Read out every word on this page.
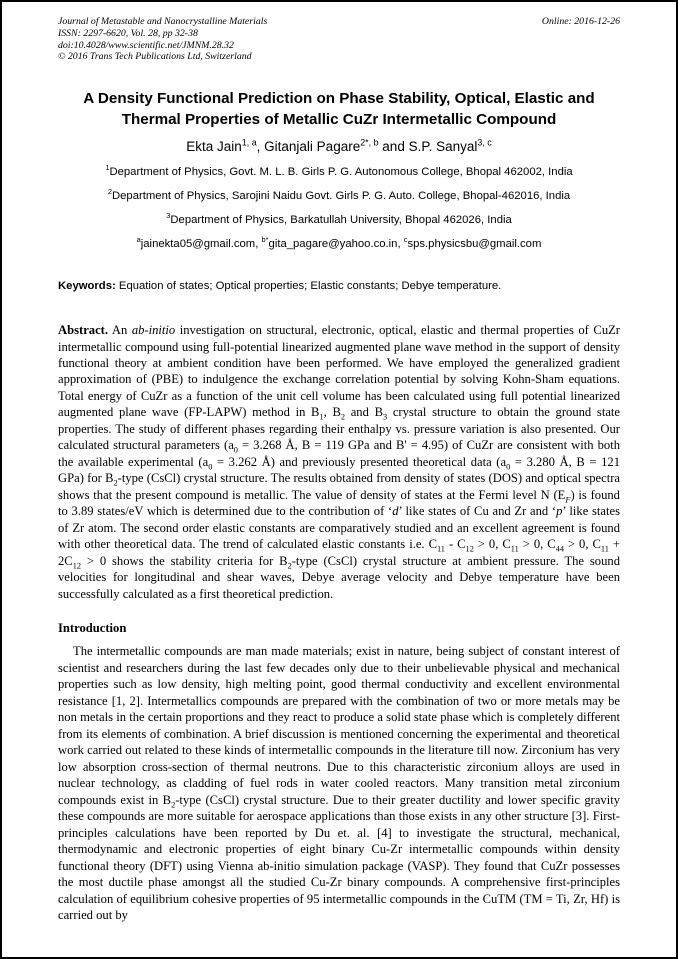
Journal of Metastable and Nanocrystalline Materials	Online: 2016-12-26
ISSN: 2297-6620, Vol. 28, pp 32-38
doi:10.4028/www.scientific.net/JMNM.28.32
© 2016 Trans Tech Publications Ltd, Switzerland
A Density Functional Prediction on Phase Stability, Optical, Elastic and Thermal Properties of Metallic CuZr Intermetallic Compound
Ekta Jain$^{1, a}$, Gitanjali Pagare$^{2*, b}$ and S.P. Sanyal$^{3, c}$
$^1$Department of Physics, Govt. M. L. B. Girls P. G. Autonomous College, Bhopal 462002, India
$^2$Department of Physics, Sarojini Naidu Govt. Girls P. G. Auto. College, Bhopal-462016, India
$^3$Department of Physics, Barkatullah University, Bhopal 462026, India
$^a$jainekta05@gmail.com, $^{b*}$gita_pagare@yahoo.co.in, $^c$sps.physicsbu@gmail.com
Keywords: Equation of states; Optical properties; Elastic constants; Debye temperature.

Abstract. An ab-initio investigation on structural, electronic, optical, elastic and thermal properties of CuZr intermetallic compound using full-potential linearized augmented plane wave method in the support of density functional theory at ambient condition have been performed. We have employed the generalized gradient approximation of (PBE) to indulgence the exchange correlation potential by solving Kohn-Sham equations. Total energy of CuZr as a function of the unit cell volume has been calculated using full potential linearized augmented plane wave (FP-LAPW) method in $B_1$, $B_2$ and $B_3$ crystal structure to obtain the ground state properties. The study of different phases regarding their enthalpy vs. pressure variation is also presented. Our calculated structural parameters ($a_0 = 3.268$ Å, B = 119 GPa and B' = 4.95) of CuZr are consistent with both the available experimental ($a_0 = 3.262$ Å) and previously presented theoretical data ($a_0 = 3.280$ Å, B = 121 GPa) for $B_2$-type (CsCl) crystal structure. The results obtained from density of states (DOS) and optical spectra shows that the present compound is metallic. The value of density of states at the Fermi level N $(E_F)$ is found to 3.89 states/eV which is determined due to the contribution of ‘d’ like states of Cu and Zr and ‘p’ like states of Zr atom. The second order elastic constants are comparatively studied and an excellent agreement is found with other theoretical data. The trend of calculated elastic constants i.e. $C_{11} - C_{12} > 0$, $C_{11} > 0$, $C_{44} > 0$, $C_{11} + 2C_{12} > 0$ shows the stability criteria for $B_2$-type (CsCl) crystal structure at ambient pressure. The sound velocities for longitudinal and shear waves, Debye average velocity and Debye temperature have been successfully calculated as a first theoretical prediction.

Introduction

The intermetallic compounds are man made materials; exist in nature, being subject of constant interest of scientist and researchers during the last few decades only due to their unbelievable physical and mechanical properties such as low density, high melting point, good thermal conductivity and excellent environmental resistance [1, 2]. Intermetallics compounds are prepared with the combination of two or more metals may be non metals in the certain proportions and they react to produce a solid state phase which is completely different from its elements of combination. A brief discussion is mentioned concerning the experimental and theoretical work carried out related to these kinds of intermetallic compounds in the literature till now. Zirconium has very low absorption cross-section of thermal neutrons. Due to this characteristic zirconium alloys are used in nuclear technology, as cladding of fuel rods in water cooled reactors. Many transition metal zirconium compounds exist in $B_2$-type (CsCl) crystal structure. Due to their greater ductility and lower specific gravity these compounds are more suitable for aerospace applications than those exists in any other structure [3]. First-principles calculations have been reported by Du et. al. [4] to investigate the structural, mechanical, thermodynamic and electronic properties of eight binary Cu-Zr intermetallic compounds within density functional theory (DFT) using Vienna ab-initio simulation package (VASP). They found that CuZr possesses the most ductile phase amongst all the studied Cu-Zr binary compounds. A comprehensive first-principles calculation of equilibrium cohesive properties of 95 intermetallic compounds in the CuTM (TM = Ti, Zr, Hf) is carried out by
